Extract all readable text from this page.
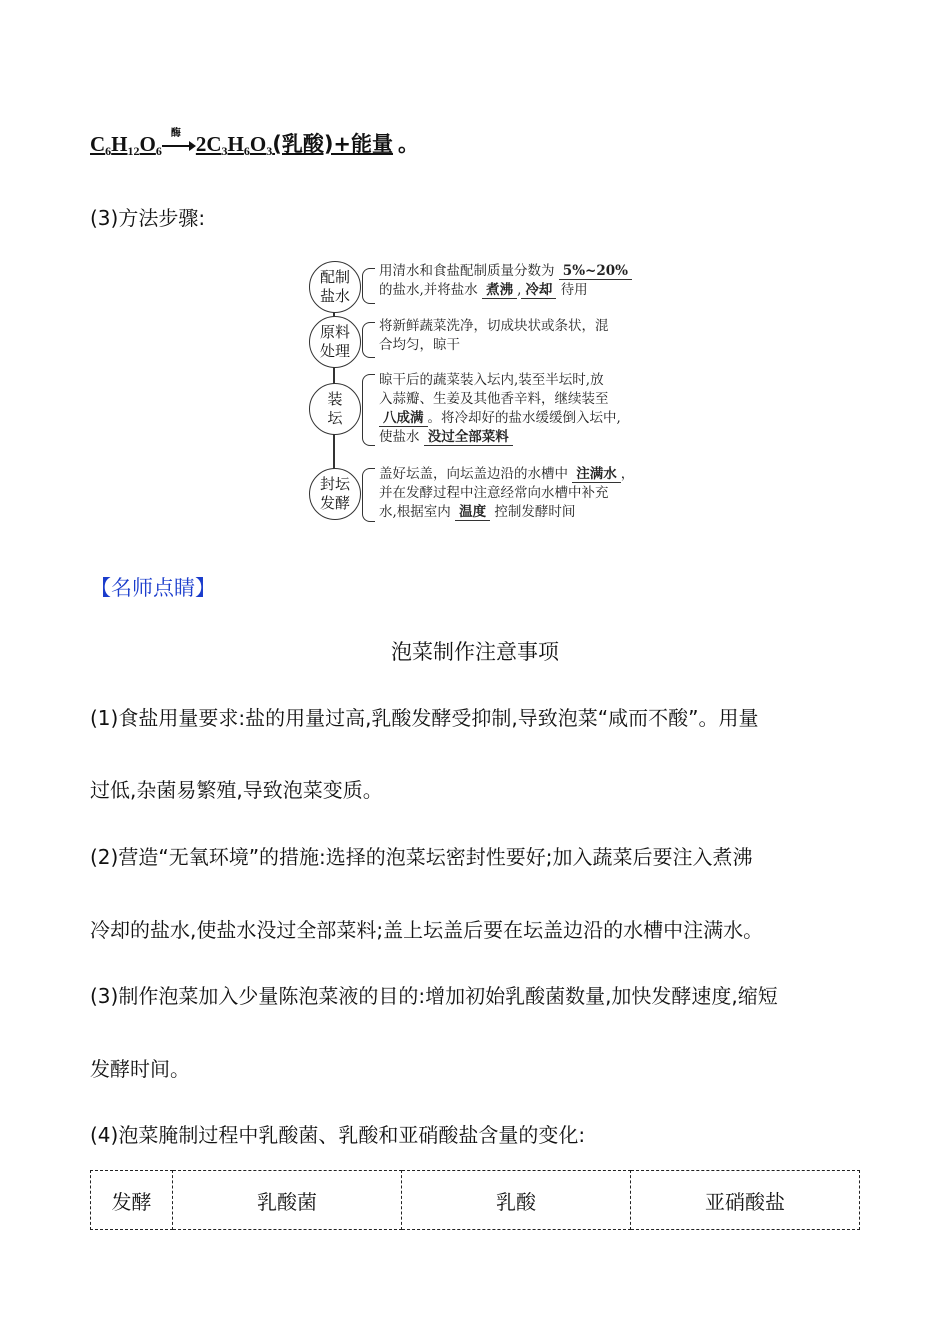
$C_6H_{12}O_6$
酶 $2C_3H_6O_3$(乳酸)+能量 。
(3)方法步骤:
配制
盐水
用清水和食盐配制质量分数为 5%~20%
的盐水,并将盐水 煮沸 , 冷却 待用
原料
处理
将新鲜蔬菜洗净，切成块状或条状，混
合均匀，晾干
装
坛
晾干后的蔬菜装入坛内,装至半坛时,放
入蒜瓣、生姜及其他香辛料，继续装至
八成满 。将冷却好的盐水缓缓倒入坛中,
使盐水 没过全部菜料
封坛
发酵
盖好坛盖，向坛盖边沿的水槽中 注满水 ，
并在发酵过程中注意经常向水槽中补充
水,根据室内 温度 控制发酵时间
【名师点睛】
泡菜制作注意事项
(1)食盐用量要求:盐的用量过高,乳酸发酵受抑制,导致泡菜“咸而不酸”。用量
过低,杂菌易繁殖,导致泡菜变质。
(2)营造“无氧环境”的措施:选择的泡菜坛密封性要好;加入蔬菜后要注入煮沸
冷却的盐水,使盐水没过全部菜料;盖上坛盖后要在坛盖边沿的水槽中注满水。
(3)制作泡菜加入少量陈泡菜液的目的:增加初始乳酸菌数量,加快发酵速度,缩短
发酵时间。
(4)泡菜腌制过程中乳酸菌、乳酸和亚硝酸盐含量的变化:
发酵	乳酸菌	乳酸	亚硝酸盐
